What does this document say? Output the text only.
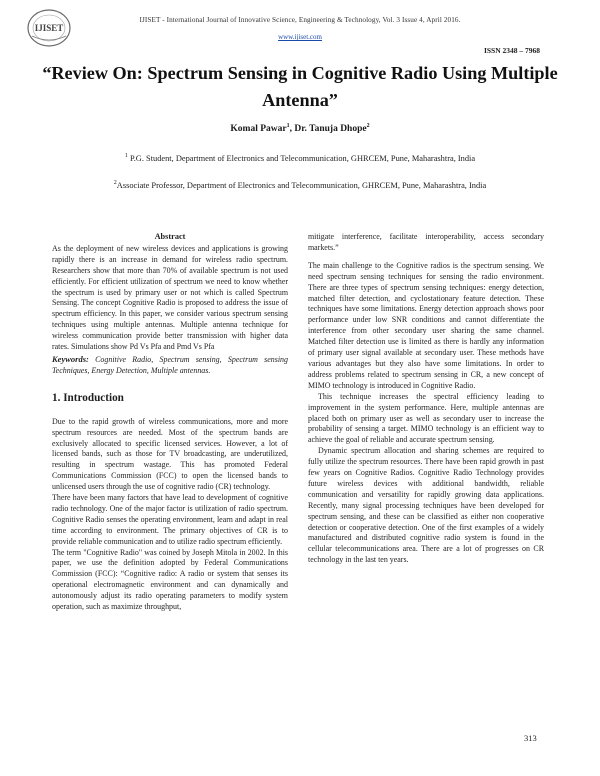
IJISET
IJISET - International Journal of Innovative Science, Engineering & Technology, Vol. 3 Issue 4, April 2016.
www.ijiset.com
ISSN 2348 – 7968
“Review On: Spectrum Sensing in Cognitive Radio Using Multiple Antenna”
Komal Pawar$^1$, Dr. Tanuja Dhope$^2$
$^1$ P.G. Student, Department of Electronics and Telecommunication, GHRCEM, Pune, Maharashtra, India
$^2$Associate Professor, Department of Electronics and Telecommunication, GHRCEM, Pune, Maharashtra, India

Abstract

As the deployment of new wireless devices and applications is growing rapidly there is an increase in demand for wireless radio spectrum. Researchers show that more than 70% of available spectrum is not used efficiently. For efficient utilization of spectrum we need to know whether the spectrum is used by primary user or not which is called Spectrum Sensing. The concept Cognitive Radio is proposed to address the issue of spectrum efficiency. In this paper, we consider various spectrum sensing techniques using multiple antennas. Multiple antenna technique for wireless communication provide better transmission with higher data rates. Simulations show Pd Vs Pfa and Pmd Vs Pfa

Keywords: Cognitive Radio, Spectrum sensing, Spectrum sensing Techniques, Energy Detection, Multiple antennas.

1. Introduction

Due to the rapid growth of wireless communications, more and more spectrum resources are needed. Most of the spectrum bands are exclusively allocated to specific licensed services. However, a lot of licensed bands, such as those for TV broadcasting, are underutilized, resulting in spectrum wastage. This has promoted Federal Communications Commission (FCC) to open the licensed bands to unlicensed users through the use of cognitive radio (CR) technology.

There have been many factors that have lead to development of cognitive radio technology. One of the major factor is utilization of radio spectrum. Cognitive Radio senses the operating environment, learn and adapt in real time according to environment. The primary objectives of CR is to provide reliable communication and to utilize radio spectrum efficiently.

The term "Cognitive Radio" was coined by Joseph Mitola in 2002. In this paper, we use the definition adopted by Federal Communications Commission (FCC): “Cognitive radio: A radio or system that senses its operational electromagnetic environment and can dynamically and autonomously adjust its radio operating parameters to modify system operation, such as maximize throughput,

mitigate interference, facilitate interoperability, access secondary markets.”

The main challenge to the Cognitive radios is the spectrum sensing. We need spectrum sensing techniques for sensing the radio environment. There are three types of spectrum sensing techniques: energy detection, matched filter detection, and cyclostationary feature detection. These techniques have some limitations. Energy detection approach shows poor performance under low SNR conditions and cannot differentiate the interference from other secondary user sharing the same channel. Matched filter detection use is limited as there is hardly any information of primary user signal available at secondary user. These methods have various advantages but they also have some limitations. In order to address problems related to spectrum sensing in CR, a new concept of MIMO technology is introduced in Cognitive Radio.

This technique increases the spectral efficiency leading to improvement in the system performance. Here, multiple antennas are placed both on primary user as well as secondary user to increase the probability of sensing a target. MIMO technology is an efficient way to achieve the goal of reliable and accurate spectrum sensing.

Dynamic spectrum allocation and sharing schemes are required to fully utilize the spectrum resources. There have been rapid growth in past few years on Cognitive Radios. Cognitive Radio Technology provides future wireless devices with additional bandwidth, reliable communication and versatility for rapidly growing data applications. Recently, many signal processing techniques have been developed for spectrum sensing, and these can be classified as either non cooperative detection or cooperative detection. One of the first examples of a widely manufactured and distributed cognitive radio system is found in the cellular telecommunications area. There are a lot of progresses on CR technology in the last ten years.

313
